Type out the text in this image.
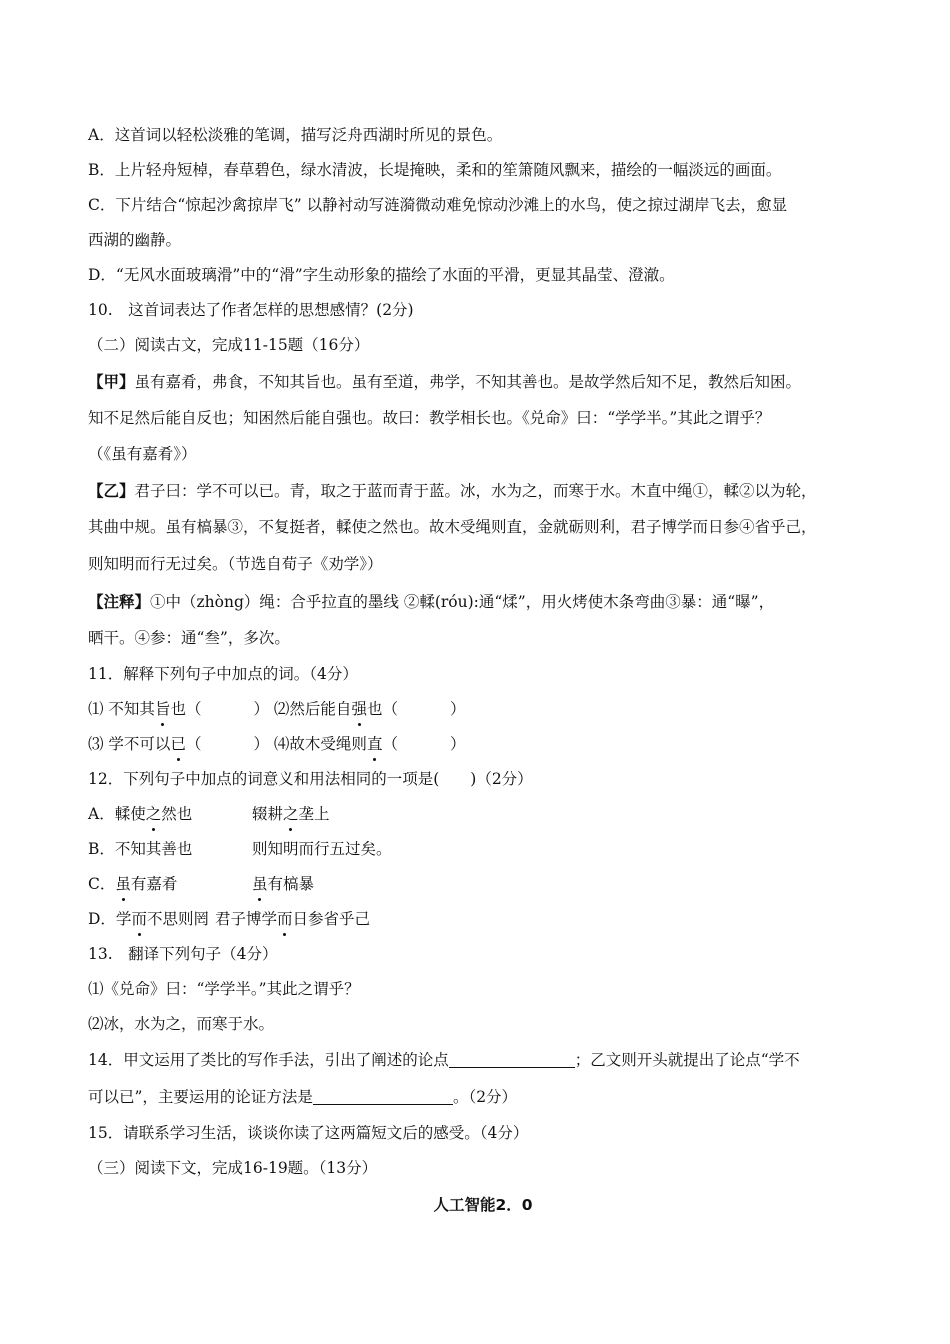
A．这首词以轻松淡雅的笔调，描写泛舟西湖时所见的景色。
B．上片轻舟短棹，春草碧色，绿水清波，长堤掩映，柔和的笙箫随风飘来，描绘的一幅淡远的画面。
C．下片结合“惊起沙禽掠岸飞” 以静衬动写涟漪微动难免惊动沙滩上的水鸟，使之掠过湖岸飞去，愈显
西湖的幽静。
D．“无风水面玻璃滑”中的“滑”字生动形象的描绘了水面的平滑，更显其晶莹、澄澈。
10.　这首词表达了作者怎样的思想感情？(2分)
（二）阅读古文，完成11-15题（16分）
【甲】虽有嘉肴，弗食，不知其旨也。虽有至道，弗学，不知其善也。是故学然后知不足，教然后知困。
知不足然后能自反也；知困然后能自强也。故曰：教学相长也。《兑命》曰：“学学半。”其此之谓乎？
（《虽有嘉肴》）
【乙】君子曰：学不可以已。青，取之于蓝而青于蓝。冰，水为之，而寒于水。木直中绳①，輮②以为轮，
其曲中规。虽有槁暴③，不复挺者，輮使之然也。故木受绳则直，金就砺则利，君子博学而日参④省乎己，
则知明而行无过矣。（节选自荀子《劝学》）
【注释】①中（zhòng）绳：合乎拉直的墨线 ②輮(róu):通“煣”，用火烤使木条弯曲③暴：通“曝”，
晒干。④参：通“叁”，多次。
11．解释下列句子中加点的词。（4分）
⑴ 不知其旨也（	） ⑵然后能自强也（	）
⑶ 学不可以已（	） ⑷故木受绳则直（	）
12．下列句子中加点的词意义和用法相同的一项是(　　)（2分）
A．輮使之然也	辍耕之垄上
B．不知其善也	则知明而行五过矣。
C．虽有嘉肴	虽有槁暴
D．学而不思则罔 君子博学而日参省乎己
13.　翻译下列句子（4分）
⑴《兑命》曰：“学学半。”其此之谓乎？
⑵冰，水为之，而寒于水。
14．甲文运用了类比的写作手法，引出了阐述的论点	；乙文则开头就提出了论点“学不
可以已”，主要运用的论证方法是	。（2分）
15．请联系学习生活，谈谈你读了这两篇短文后的感受。（4分）
（三）阅读下文，完成16-19题。（13分）
人工智能2．0
